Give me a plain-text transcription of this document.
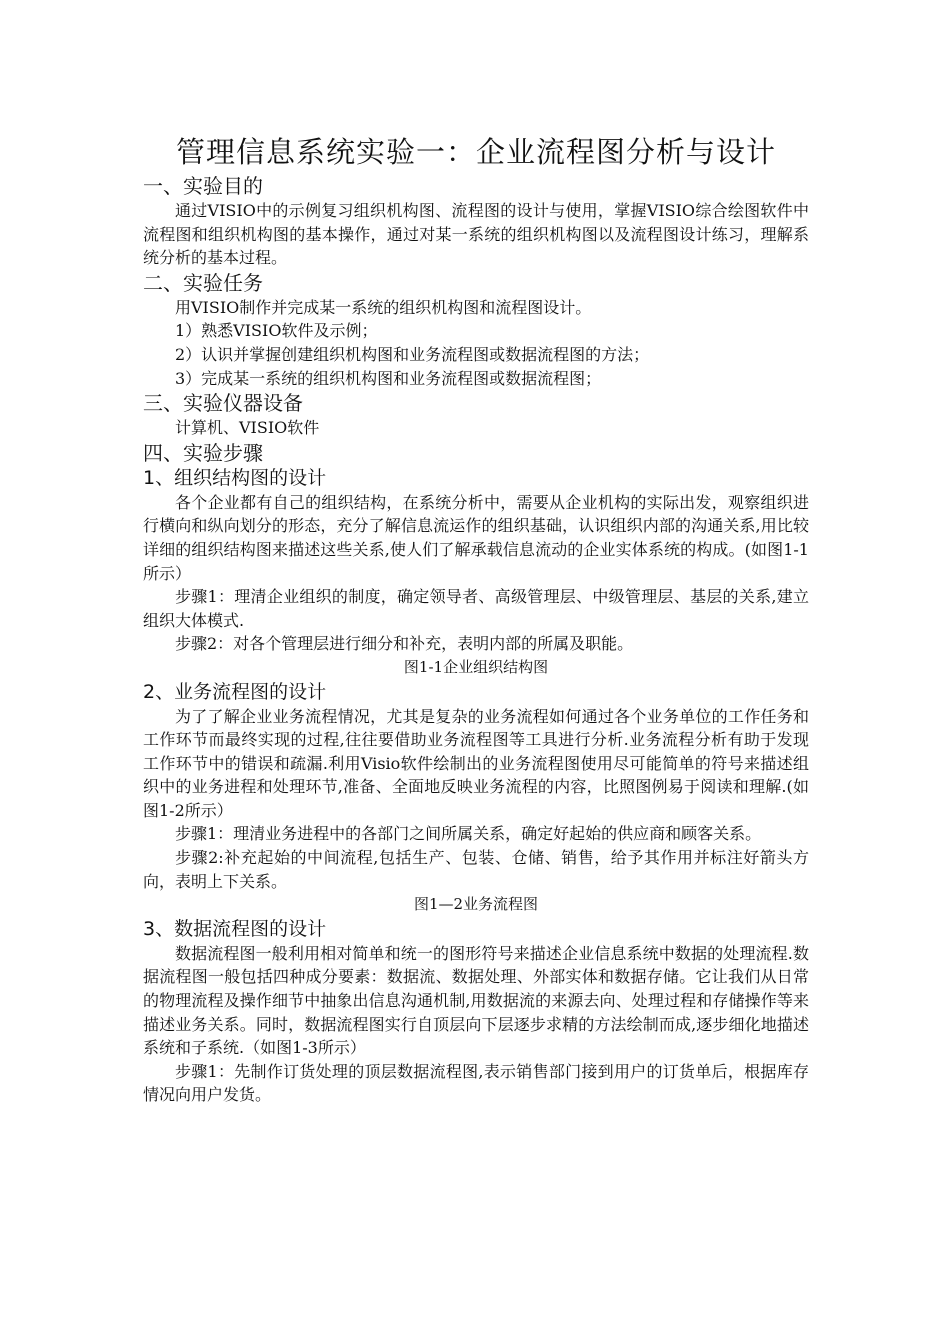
管理信息系统实验一：企业流程图分析与设计
一、实验目的

通过VISIO中的示例复习组织机构图、流程图的设计与使用，掌握VISIO综合绘图软件中流程图和组织机构图的基本操作，通过对某一系统的组织机构图以及流程图设计练习，理解系统分析的基本过程。

二、实验任务

用VISIO制作并完成某一系统的组织机构图和流程图设计。

1）熟悉VISIO软件及示例；

2）认识并掌握创建组织机构图和业务流程图或数据流程图的方法；

3）完成某一系统的组织机构图和业务流程图或数据流程图；

三、实验仪器设备

计算机、VISIO软件

四、实验步骤
1、组织结构图的设计

各个企业都有自己的组织结构，在系统分析中，需要从企业机构的实际出发，观察组织进行横向和纵向划分的形态，充分了解信息流运作的组织基础，认识组织内部的沟通关系,用比较详细的组织结构图来描述这些关系,使人们了解承载信息流动的企业实体系统的构成。(如图1-1所示）

步骤1：理清企业组织的制度，确定领导者、高级管理层、中级管理层、基层的关系,建立组织大体模式.

步骤2：对各个管理层进行细分和补充，表明内部的所属及职能。

图1-1企业组织结构图

2、业务流程图的设计

为了了解企业业务流程情况，尤其是复杂的业务流程如何通过各个业务单位的工作任务和工作环节而最终实现的过程,往往要借助业务流程图等工具进行分析.业务流程分析有助于发现工作环节中的错误和疏漏.利用Visio软件绘制出的业务流程图使用尽可能简单的符号来描述组织中的业务进程和处理环节,准备、全面地反映业务流程的内容，比照图例易于阅读和理解.(如图1-2所示）

步骤1：理清业务进程中的各部门之间所属关系，确定好起始的供应商和顾客关系。

步骤2:补充起始的中间流程,包括生产、包装、仓储、销售，给予其作用并标注好箭头方向，表明上下关系。

图1—2业务流程图

3、数据流程图的设计

数据流程图一般利用相对简单和统一的图形符号来描述企业信息系统中数据的处理流程.数据流程图一般包括四种成分要素：数据流、数据处理、外部实体和数据存储。它让我们从日常的物理流程及操作细节中抽象出信息沟通机制,用数据流的来源去向、处理过程和存储操作等来描述业务关系。同时，数据流程图实行自顶层向下层逐步求精的方法绘制而成,逐步细化地描述系统和子系统.（如图1-3所示）

步骤1：先制作订货处理的顶层数据流程图,表示销售部门接到用户的订货单后，根据库存情况向用户发货。
